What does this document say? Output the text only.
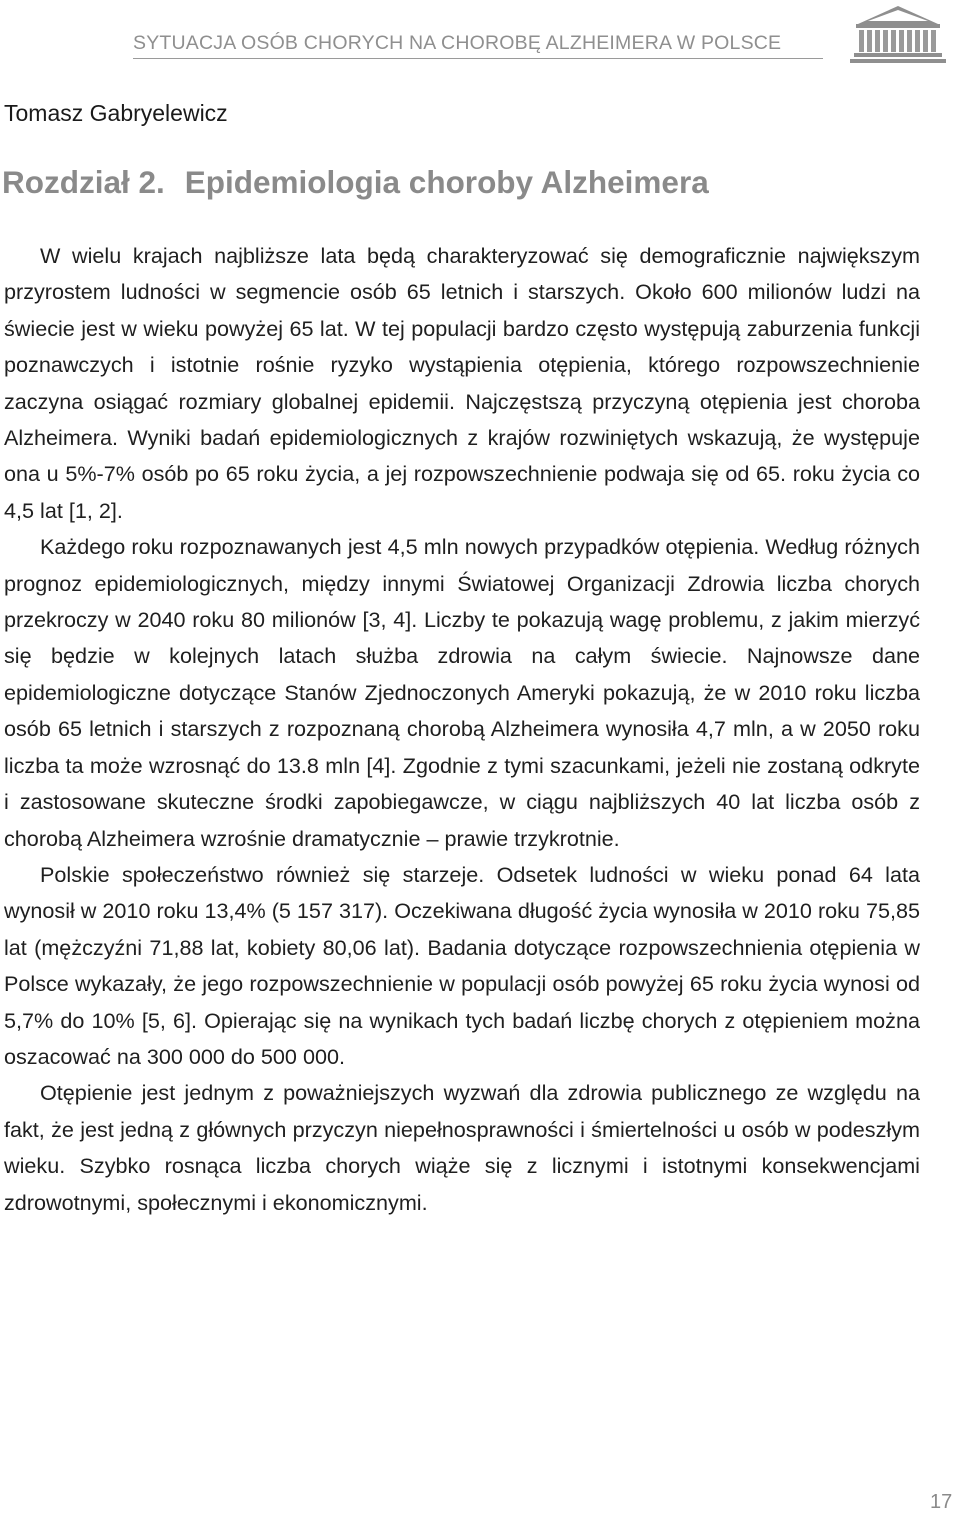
SYTUACJA OSÓB CHORYCH NA CHOROBĘ ALZHEIMERA W POLSCE
Tomasz Gabryelewicz
Rozdział 2. Epidemiologia choroby Alzheimera

W wielu krajach najbliższe lata będą charakteryzować się demograficznie największym przyrostem ludności w segmencie osób 65 letnich i starszych. Około 600 milionów ludzi na świecie jest w wieku powyżej 65 lat. W tej populacji bardzo często występują zaburzenia funkcji poznawczych i istotnie rośnie ryzyko wystąpienia otępienia, którego rozpowszechnienie zaczyna osiągać rozmiary globalnej epidemii. Najczęstszą przyczyną otępienia jest choroba Alzheimera. Wyniki badań epidemiologicznych z krajów rozwiniętych wskazują, że występuje ona u 5%-7% osób po 65 roku życia, a jej rozpowszechnienie podwaja się od 65. roku życia co 4,5 lat [1, 2].

Każdego roku rozpoznawanych jest 4,5 mln nowych przypadków otępienia. Według różnych prognoz epidemiologicznych, między innymi Światowej Organizacji Zdrowia liczba chorych przekroczy w 2040 roku 80 milionów [3, 4]. Liczby te pokazują wagę problemu, z jakim mierzyć się będzie w kolejnych latach służba zdrowia na całym świecie. Najnowsze dane epidemiologiczne dotyczące Stanów Zjednoczonych Ameryki pokazują, że w 2010 roku liczba osób 65 letnich i starszych z rozpoznaną chorobą Alzheimera wynosiła 4,7 mln, a w 2050 roku liczba ta może wzrosnąć do 13.8 mln [4]. Zgodnie z tymi szacunkami, jeżeli nie zostaną odkryte i zastosowane skuteczne środki zapobiegawcze, w ciągu najbliższych 40 lat liczba osób z chorobą Alzheimera wzrośnie dramatycznie – prawie trzykrotnie.

Polskie społeczeństwo również się starzeje. Odsetek ludności w wieku ponad 64 lata wynosił w 2010 roku 13,4% (5 157 317). Oczekiwana długość życia wynosiła w 2010 roku 75,85 lat (mężczyźni 71,88 lat, kobiety 80,06 lat). Badania dotyczące rozpowszechnienia otępienia w Polsce wykazały, że jego rozpowszechnienie w populacji osób powyżej 65 roku życia wynosi od 5,7% do 10% [5, 6]. Opierając się na wynikach tych badań liczbę chorych z otępieniem można oszacować na 300 000 do 500 000.

Otępienie jest jednym z poważniejszych wyzwań dla zdrowia publicznego ze względu na fakt, że jest jedną z głównych przyczyn niepełnosprawności i śmiertelności u osób w podeszłym wieku. Szybko rosnąca liczba chorych wiąże się z licznymi i istotnymi konsekwencjami zdrowotnymi, społecznymi i ekonomicznymi.

17
